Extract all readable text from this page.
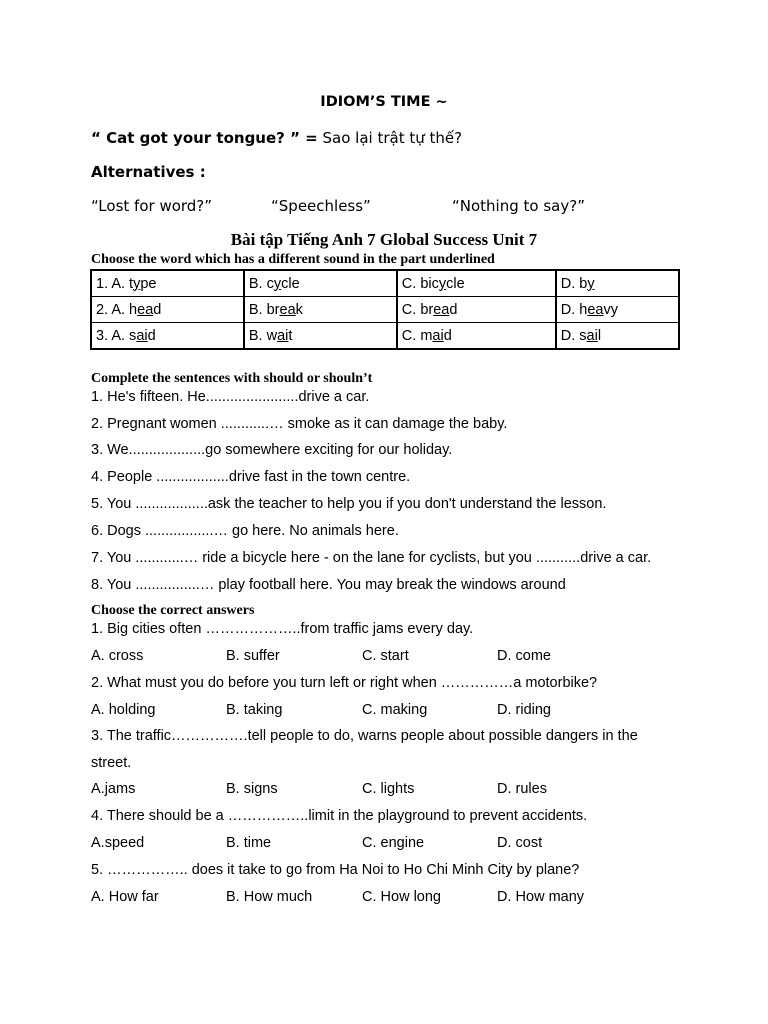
IDIOM’S TIME ~
“ Cat got your tongue? ” = Sao lại trật tự thế?
Alternatives :
“Lost for word?”	“Speechless”	“Nothing to say?”
Bài tập Tiếng Anh 7 Global Success Unit 7
Choose the word which has a different sound in the part underlined
1. A. type	B. cycle	C. bicycle	D. by
2. A. head	B. break	C. bread	D. heavy
3. A. said	B. wait	C. maid	D. sail
Complete the sentences with should or shouln’t
1. He's fifteen. He.......................drive a car.
2. Pregnant women ............… smoke as it can damage the baby.
3. We...................go somewhere exciting for our holiday.
4. People ..................drive fast in the town centre.
5. You ..................ask the teacher to help you if you don't understand the lesson.
6. Dogs .................… go here. No animals here.
7. You ............… ride a bicycle here - on the lane for cyclists, but you ...........drive a car.
8. You ................… play football here. You may break the windows around
Choose the correct answers
1. Big cities often ………………..from traffic jams every day.
A. cross	B. suffer	C. start	D. come
2. What must you do before you turn left or right when ……………a motorbike?
A. holding	B. taking	C. making	D. riding
3. The traffic…………….tell people to do, warns people about possible dangers in the
street.
A.jams	B. signs	C. lights	D. rules
4. There should be a ……………..limit in the playground to prevent accidents.
A.speed	B. time	C. engine	D. cost
5. …………….. does it take to go from Ha Noi to Ho Chi Minh City by plane?
A. How far	B. How much	C. How long	D. How many
